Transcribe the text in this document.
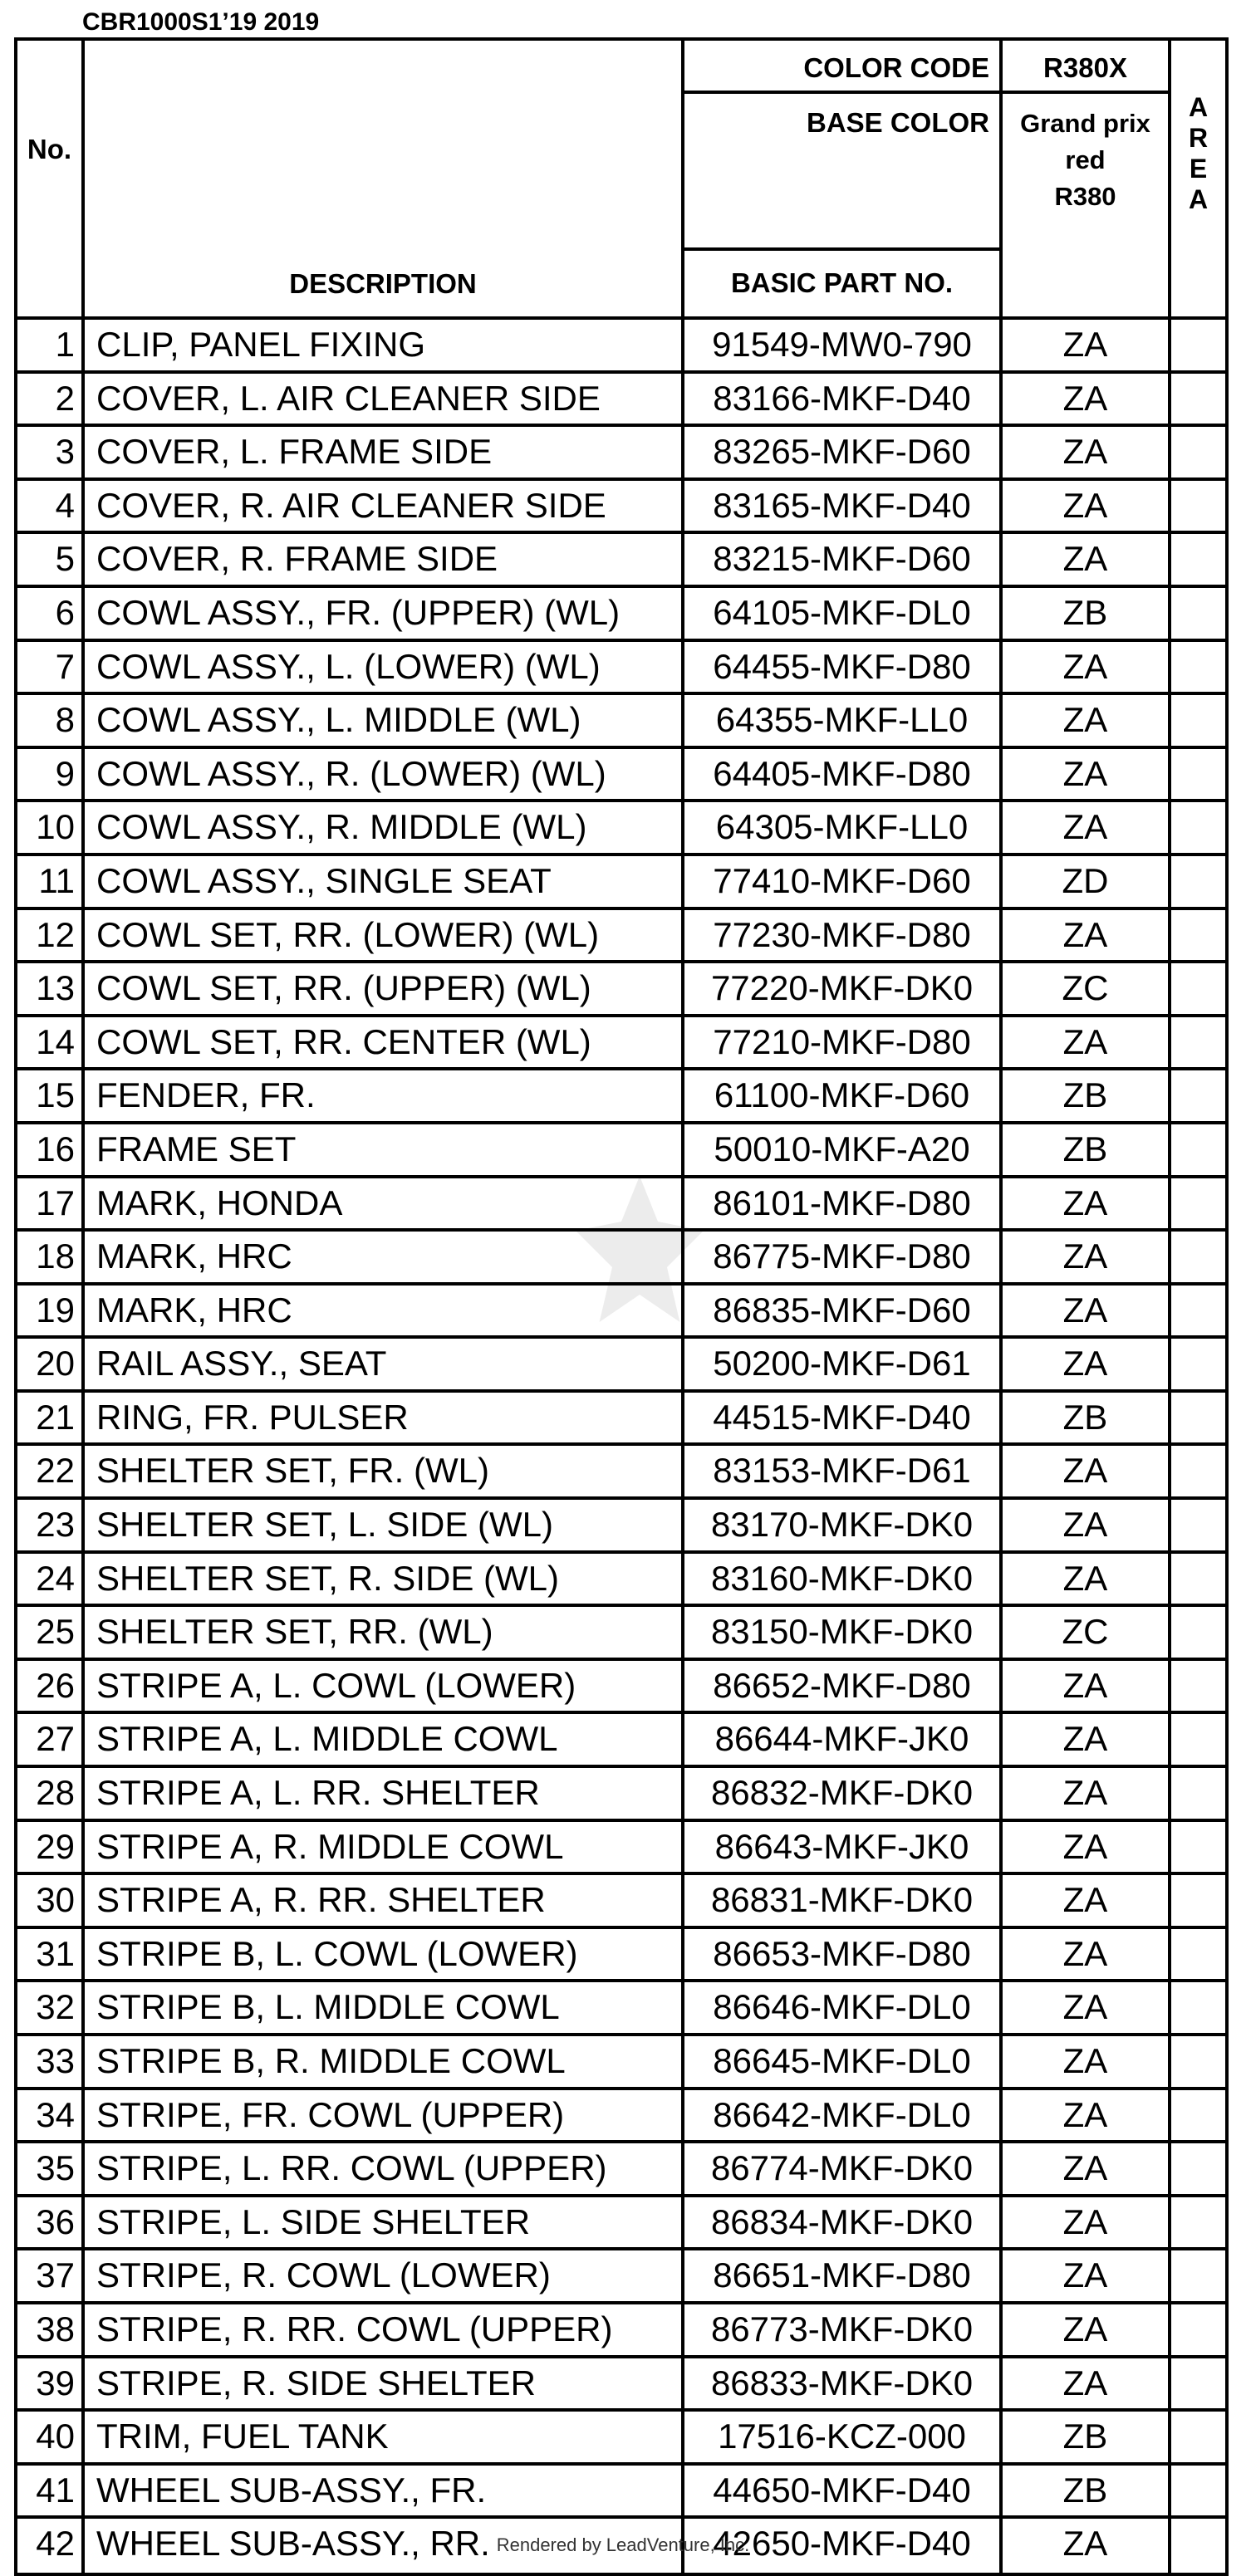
CBR1000S1’19 2019
No.
DESCRIPTION
COLOR CODE
BASE COLOR
BASIC PART NO.
R380X
Grand prix
red
R380
A
R
E
A
1 CLIP, PANEL FIXING	91549-MW0-790	ZA
2 COVER, L. AIR CLEANER SIDE	83166-MKF-D40	ZA
3 COVER, L. FRAME SIDE	83265-MKF-D60	ZA
4 COVER, R. AIR CLEANER SIDE	83165-MKF-D40	ZA
5 COVER, R. FRAME SIDE	83215-MKF-D60	ZA
6 COWL ASSY., FR. (UPPER) (WL)	64105-MKF-DL0	ZB
7 COWL ASSY., L. (LOWER) (WL)	64455-MKF-D80	ZA
8 COWL ASSY., L. MIDDLE (WL)	64355-MKF-LL0	ZA
9 COWL ASSY., R. (LOWER) (WL)	64405-MKF-D80	ZA
10 COWL ASSY., R. MIDDLE (WL)	64305-MKF-LL0	ZA
11 COWL ASSY., SINGLE SEAT	77410-MKF-D60	ZD
12 COWL SET, RR. (LOWER) (WL)	77230-MKF-D80	ZA
13 COWL SET, RR. (UPPER) (WL)	77220-MKF-DK0	ZC
14 COWL SET, RR. CENTER (WL)	77210-MKF-D80	ZA
15 FENDER, FR.	61100-MKF-D60	ZB
16 FRAME SET	50010-MKF-A20	ZB
17 MARK, HONDA	86101-MKF-D80	ZA
18 MARK, HRC	86775-MKF-D80	ZA
19 MARK, HRC	86835-MKF-D60	ZA
20 RAIL ASSY., SEAT	50200-MKF-D61	ZA
21 RING, FR. PULSER	44515-MKF-D40	ZB
22 SHELTER SET, FR. (WL)	83153-MKF-D61	ZA
23 SHELTER SET, L. SIDE (WL)	83170-MKF-DK0	ZA
24 SHELTER SET, R. SIDE (WL)	83160-MKF-DK0	ZA
25 SHELTER SET, RR. (WL)	83150-MKF-DK0	ZC
26 STRIPE A, L. COWL (LOWER)	86652-MKF-D80	ZA
27 STRIPE A, L. MIDDLE COWL	86644-MKF-JK0	ZA
28 STRIPE A, L. RR. SHELTER	86832-MKF-DK0	ZA
29 STRIPE A, R. MIDDLE COWL	86643-MKF-JK0	ZA
30 STRIPE A, R. RR. SHELTER	86831-MKF-DK0	ZA
31 STRIPE B, L. COWL (LOWER)	86653-MKF-D80	ZA
32 STRIPE B, L. MIDDLE COWL	86646-MKF-DL0	ZA
33 STRIPE B, R. MIDDLE COWL	86645-MKF-DL0	ZA
34 STRIPE, FR. COWL (UPPER)	86642-MKF-DL0	ZA
35 STRIPE, L. RR. COWL (UPPER)	86774-MKF-DK0	ZA
36 STRIPE, L. SIDE SHELTER	86834-MKF-DK0	ZA
37 STRIPE, R. COWL (LOWER)	86651-MKF-D80	ZA
38 STRIPE, R. RR. COWL (UPPER)	86773-MKF-DK0	ZA
39 STRIPE, R. SIDE SHELTER	86833-MKF-DK0	ZA
40 TRIM, FUEL TANK	17516-KCZ-000	ZB
41 WHEEL SUB-ASSY., FR.	44650-MKF-D40	ZB
42 WHEEL SUB-ASSY., RR.	42650-MKF-D40	ZA
Rendered by LeadVenture, Inc.
